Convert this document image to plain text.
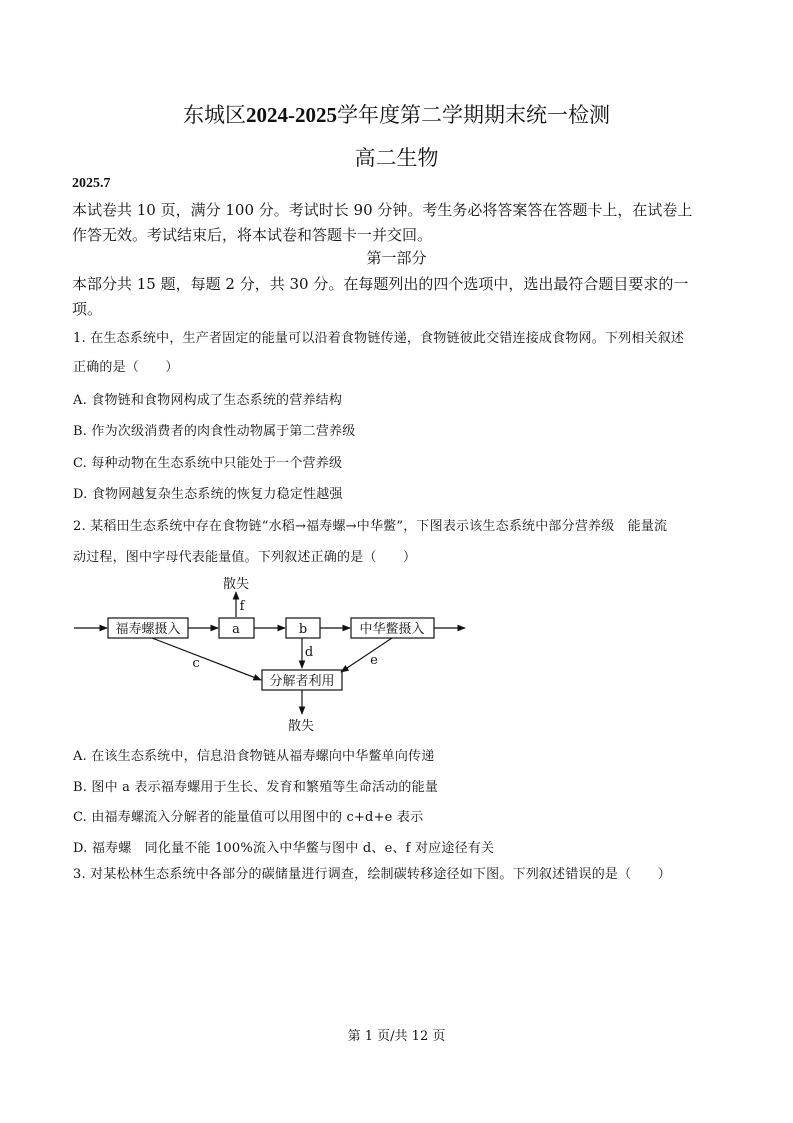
东城区2024-2025学年度第二学期期末统一检测
高二生物
2025.7
本试卷共 10 页，满分 100 分。考试时长 90 分钟。考生务必将答案答在答题卡上，在试卷上
作答无效。考试结束后，将本试卷和答题卡一并交回。
第一部分
本部分共 15 题，每题 2 分，共 30 分。在每题列出的四个选项中，选出最符合题目要求的一
项。
1. 在生态系统中，生产者固定的能量可以沿着食物链传递，食物链彼此交错连接成食物网。下列相关叙述
正确的是（　　）
A. 食物链和食物网构成了生态系统的营养结构
B. 作为次级消费者的肉食性动物属于第二营养级
C. 每种动物在生态系统中只能处于一个营养级
D. 食物网越复杂生态系统的恢复力稳定性越强
2. 某稻田生态系统中存在食物链“水稻→福寿螺→中华鳖”，下图表示该生态系统中部分营养级　能量流
动过程，图中字母代表能量值。下列叙述正确的是（　　）
福寿螺摄入	a	b	中华鳖摄入
分解者利用
散失
散失
f
c
d
e
A. 在该生态系统中，信息沿食物链从福寿螺向中华鳖单向传递
B. 图中 a 表示福寿螺用于生长、发育和繁殖等生命活动的能量
C. 由福寿螺流入分解者的能量值可以用图中的 c+d+e 表示
D. 福寿螺　同化量不能 100%流入中华鳖与图中 d、e、f 对应途径有关
3. 对某松林生态系统中各部分的碳储量进行调查，绘制碳转移途径如下图。下列叙述错误的是（　　）
第 1 页/共 12 页
